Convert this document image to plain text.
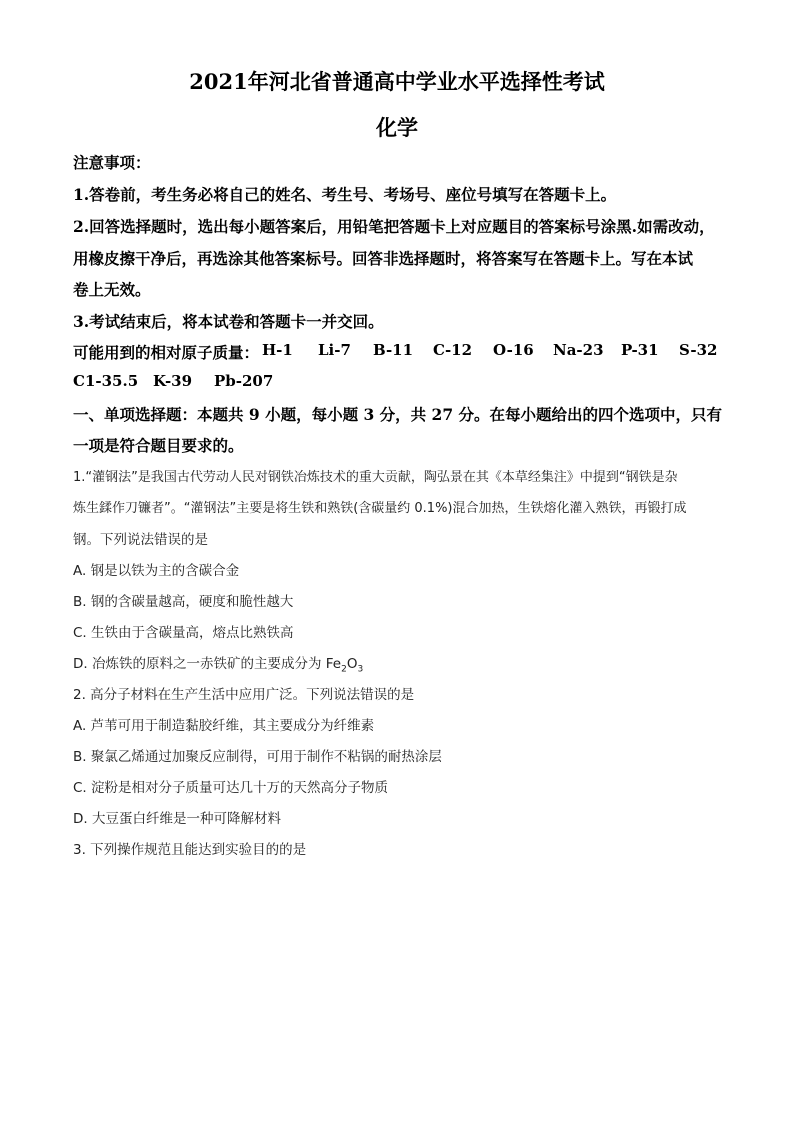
2021年河北省普通高中学业水平选择性考试
化学
注意事项：
1.答卷前，考生务必将自己的姓名、考生号、考场号、座位号填写在答题卡上。
2.回答选择题时，选出每小题答案后，用铅笔把答题卡上对应题目的答案标号涂黑.如需改动，
用橡皮擦干净后，再选涂其他答案标号。回答非选择题时，将答案写在答题卡上。写在本试
卷上无效。
3.考试结束后，将本试卷和答题卡一并交回。
可能用到的相对原子质量： H-1 Li-7 B-11 C-12 O-16 Na-23 P-31 S-32
C1-35.5 K-39 Pb-207
一、单项选择题：本题共 9 小题，每小题 3 分，共 27 分。在每小题给出的四个选项中，只有
一项是符合题目要求的。
1.“灌钢法”是我国古代劳动人民对钢铁冶炼技术的重大贡献，陶弘景在其《本草经集注》中提到“钢铁是杂
炼生鍒作刀镰者”。“灌钢法”主要是将生铁和熟铁(含碳量约 0.1%)混合加热，生铁熔化灌入熟铁，再锻打成
钢。下列说法错误的是
A. 钢是以铁为主的含碳合金
B. 钢的含碳量越高，硬度和脆性越大
C. 生铁由于含碳量高，熔点比熟铁高
D. 冶炼铁的原料之一赤铁矿的主要成分为 $Fe_2O_3$
2. 高分子材料在生产生活中应用广泛。下列说法错误的是
A. 芦苇可用于制造黏胶纤维，其主要成分为纤维素
B. 聚氯乙烯通过加聚反应制得，可用于制作不粘锅的耐热涂层
C. 淀粉是相对分子质量可达几十万的天然高分子物质
D. 大豆蛋白纤维是一种可降解材料
3. 下列操作规范且能达到实验目的的是
